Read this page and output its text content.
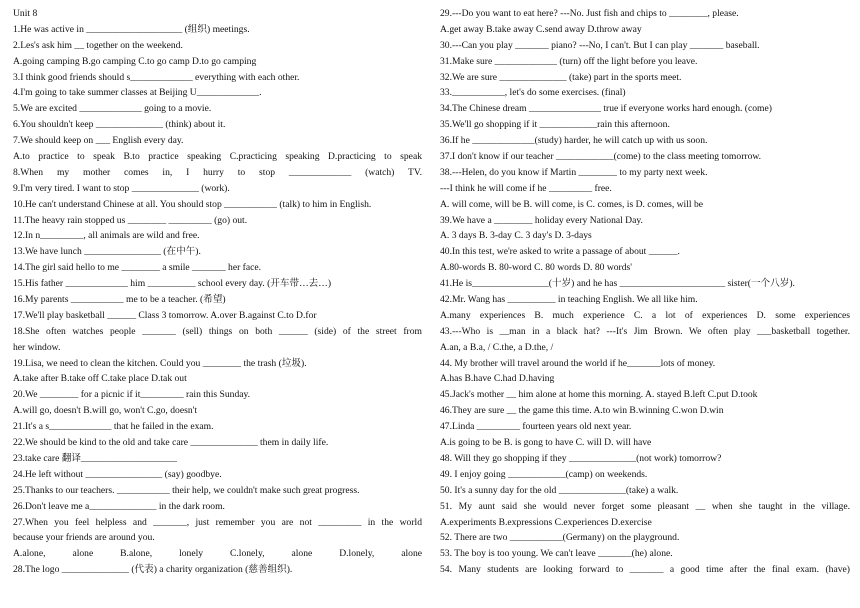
Unit 8
1.He was active in ____________________ (组织) meetings.
2.Les's ask him __ together on the weekend.
A.going camping B.go camping C.to go camp D.to go camping
3.I think good friends should s_____________ everything with each other.
4.I'm going to take summer classes at Beijing U_____________.
5.We are excited _____________ going to a movie.
6.You shouldn't keep ______________ (think) about it.
7.We should keep on ___ English every day.
A.to practice to speak B.to practice speaking C.practicing speaking D.practicing to speak
8.When my mother comes in, I hurry to stop _____________ (watch) TV.
9.I'm very tired. I want to stop ______________ (work).
10.He can't understand Chinese at all. You should stop ___________ (talk) to him in English.
11.The heavy rain stopped us ________ _________ (go) out.
12.In n_________, all animals are wild and free.
13.We have lunch ________________ (在中午).
14.The girl said hello to me ________ a smile _______ her face.
15.His father _____________ him __________ school every day. (开车带…去…)
16.My parents ___________ me to be a teacher. (希望)
17.We'll play basketball ______ Class 3 tomorrow. A.over B.against C.to D.for
18.She often watches people _______ (sell) things on both ______ (side) of the street from
her window.
19.Lisa, we need to clean the kitchen. Could you ________ the trash (垃圾).
A.take after B.take off C.take place D.tak out
20.We ________ for a picnic if it_________ rain this Sunday.
A.will go, doesn't B.will go, won't C.go, doesn't
21.It's a s_____________ that he failed in the exam.
22.We should be kind to the old and take care ______________ them in daily life.
23.take care 翻译____________________
24.He left without ________________ (say) goodbye.
25.Thanks to our teachers. ___________ their help, we couldn't make such great progress.
26.Don't leave me a______________ in the dark room.
27.When you feel helpless and _______, just remember you are not _________ in the world
because your friends are around you.
A.alone, alone B.alone, lonely C.lonely, alone D.lonely, alone
28.The logo ______________ (代表) a charity organization (慈善组织).
29.---Do you want to eat here? ---No. Just fish and chips to ________, please.
A.get away B.take away C.send away D.throw away
30.---Can you play _______ piano? ---No, I can't. But I can play _______ baseball.
31.Make sure _____________ (turn) off the light before you leave.
32.We are sure ______________ (take) part in the sports meet.
33.___________, let's do some exercises. (final)
34.The Chinese dream _______________ true if everyone works hard enough. (come)
35.We'll go shopping if it ____________rain this afternoon.
36.If he _____________(study) harder, he will catch up with us soon.
37.I don't know if our teacher ____________(come) to the class meeting tomorrow.
38.---Helen, do you know if Martin ________ to my party next week.
---I think he will come if he _________ free.
A. will come, will be B. will come, is C. comes, is D. comes, will be
39.We have a ________ holiday every National Day.
A. 3 days B. 3-day C. 3 day's D. 3-days
40.In this test, we're asked to write a passage of about ______.
A.80-words B. 80-word C. 80 words D. 80 words'
41.He is________________(十岁) and he has ______________________ sister(一个八岁).
42.Mr. Wang has __________ in teaching English. We all like him.
A.many experiences B. much experience C. a lot of experiences D. some experiences
43.---Who is __man in a black hat? ---It's Jim Brown. We often play ___basketball together.
A.an, a B.a, / C.the, a D.the, /
44. My brother will travel around the world if he_______lots of money.
A.has B.have C.had D.having
45.Jack's mother __ him alone at home this morning. A. stayed B.left C.put D.took
46.They are sure __ the game this time. A.to win B.winning C.won D.win
47.Linda _________ fourteen years old next year.
A.is going to be B. is gong to have C. will D. will have
48. Will they go shopping if they ______________(not work) tomorrow?
49. I enjoy going ____________(camp) on weekends.
50. It's a sunny day for the old ______________(take) a walk.
51. My aunt said she would never forget some pleasant __ when she taught in the village.
A.experiments B.expressions C.experiences D.exercise
52. There are two ___________(Germany) on the playground.
53. The boy is too young. We can't leave _______(he) alone.
54. Many students are looking forward to _______ a good time after the final exam. (have)
